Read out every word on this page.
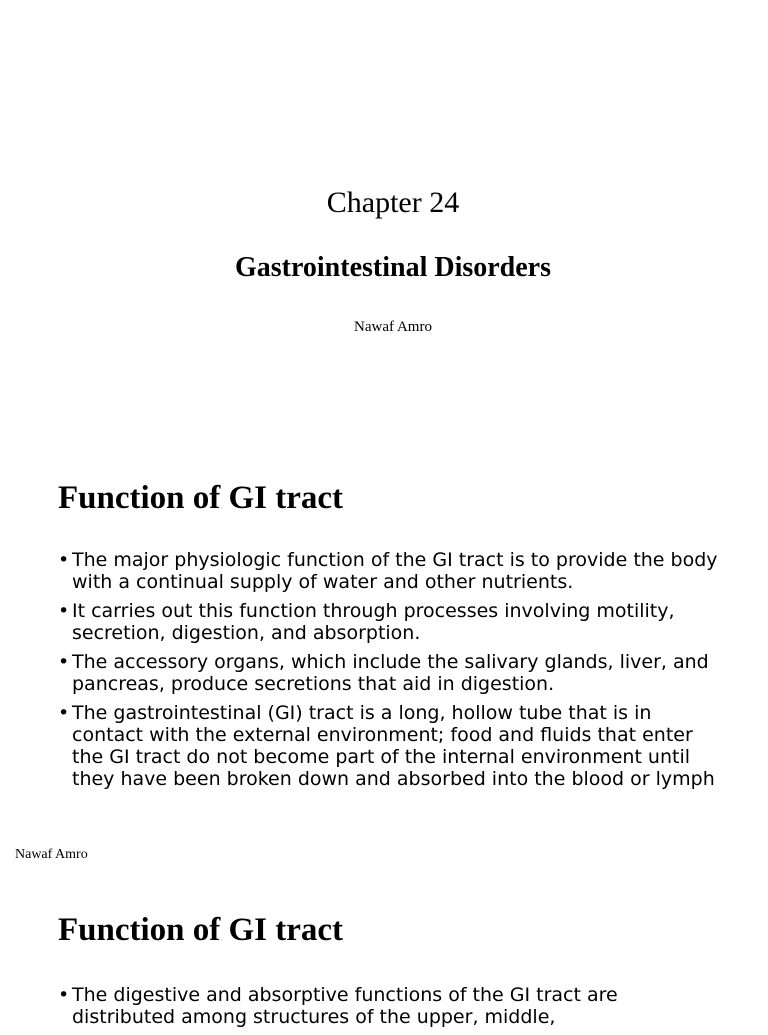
Chapter 24
Gastrointestinal Disorders
Nawaf Amro
Function of GI tract
• The major physiologic function of the GI tract is to provide the body with a continual supply of water and other nutrients.
• It carries out this function through processes involving motility, secretion, digestion, and absorption.
• The accessory organs, which include the salivary glands, liver, and pancreas, produce secretions that aid in digestion.
• The gastrointestinal (GI) tract is a long, hollow tube that is in contact with the external environment; food and fluids that enter the GI tract do not become part of the internal environment until they have been broken down and absorbed into the blood or lymph
Nawaf Amro
Function of GI tract
• The digestive and absorptive functions of the GI tract are distributed among structures of the upper, middle,
